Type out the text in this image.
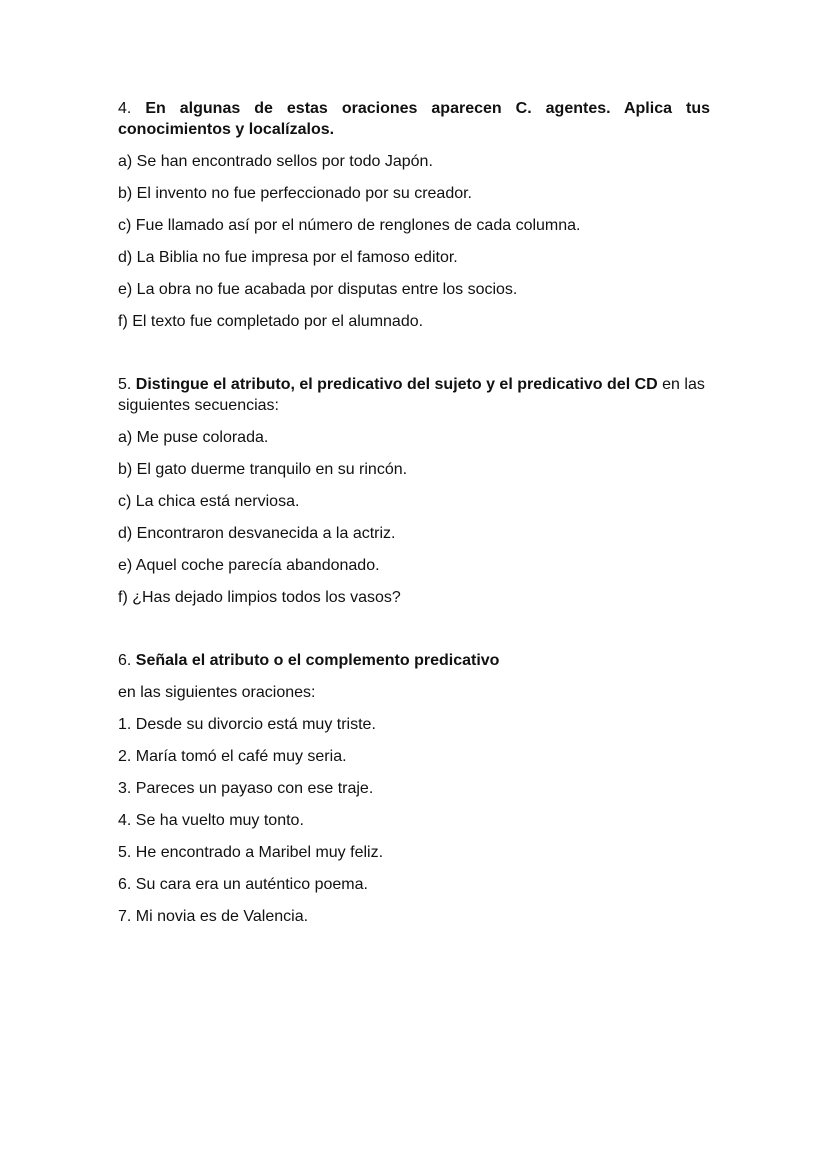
4. En algunas de estas oraciones aparecen C. agentes. Aplica tus conocimientos y localízalos.

a) Se han encontrado sellos por todo Japón.
b) El invento no fue perfeccionado por su creador.
c) Fue llamado así por el número de renglones de cada columna.
d) La Biblia no fue impresa por el famoso editor.
e) La obra no fue acabada por disputas entre los socios.
f) El texto fue completado por el alumnado.

5. Distingue el atributo, el predicativo del sujeto y el predicativo del CD en las siguientes secuencias:

a) Me puse colorada.
b) El gato duerme tranquilo en su rincón.
c) La chica está nerviosa.
d) Encontraron desvanecida a la actriz.
e) Aquel coche parecía abandonado.
f) ¿Has dejado limpios todos los vasos?

6. Señala el atributo o el complemento predicativo

en las siguientes oraciones:

1. Desde su divorcio está muy triste.
2. María tomó el café muy seria.
3. Pareces un payaso con ese traje.
4. Se ha vuelto muy tonto.
5. He encontrado a Maribel muy feliz.
6. Su cara era un auténtico poema.
7. Mi novia es de Valencia.
